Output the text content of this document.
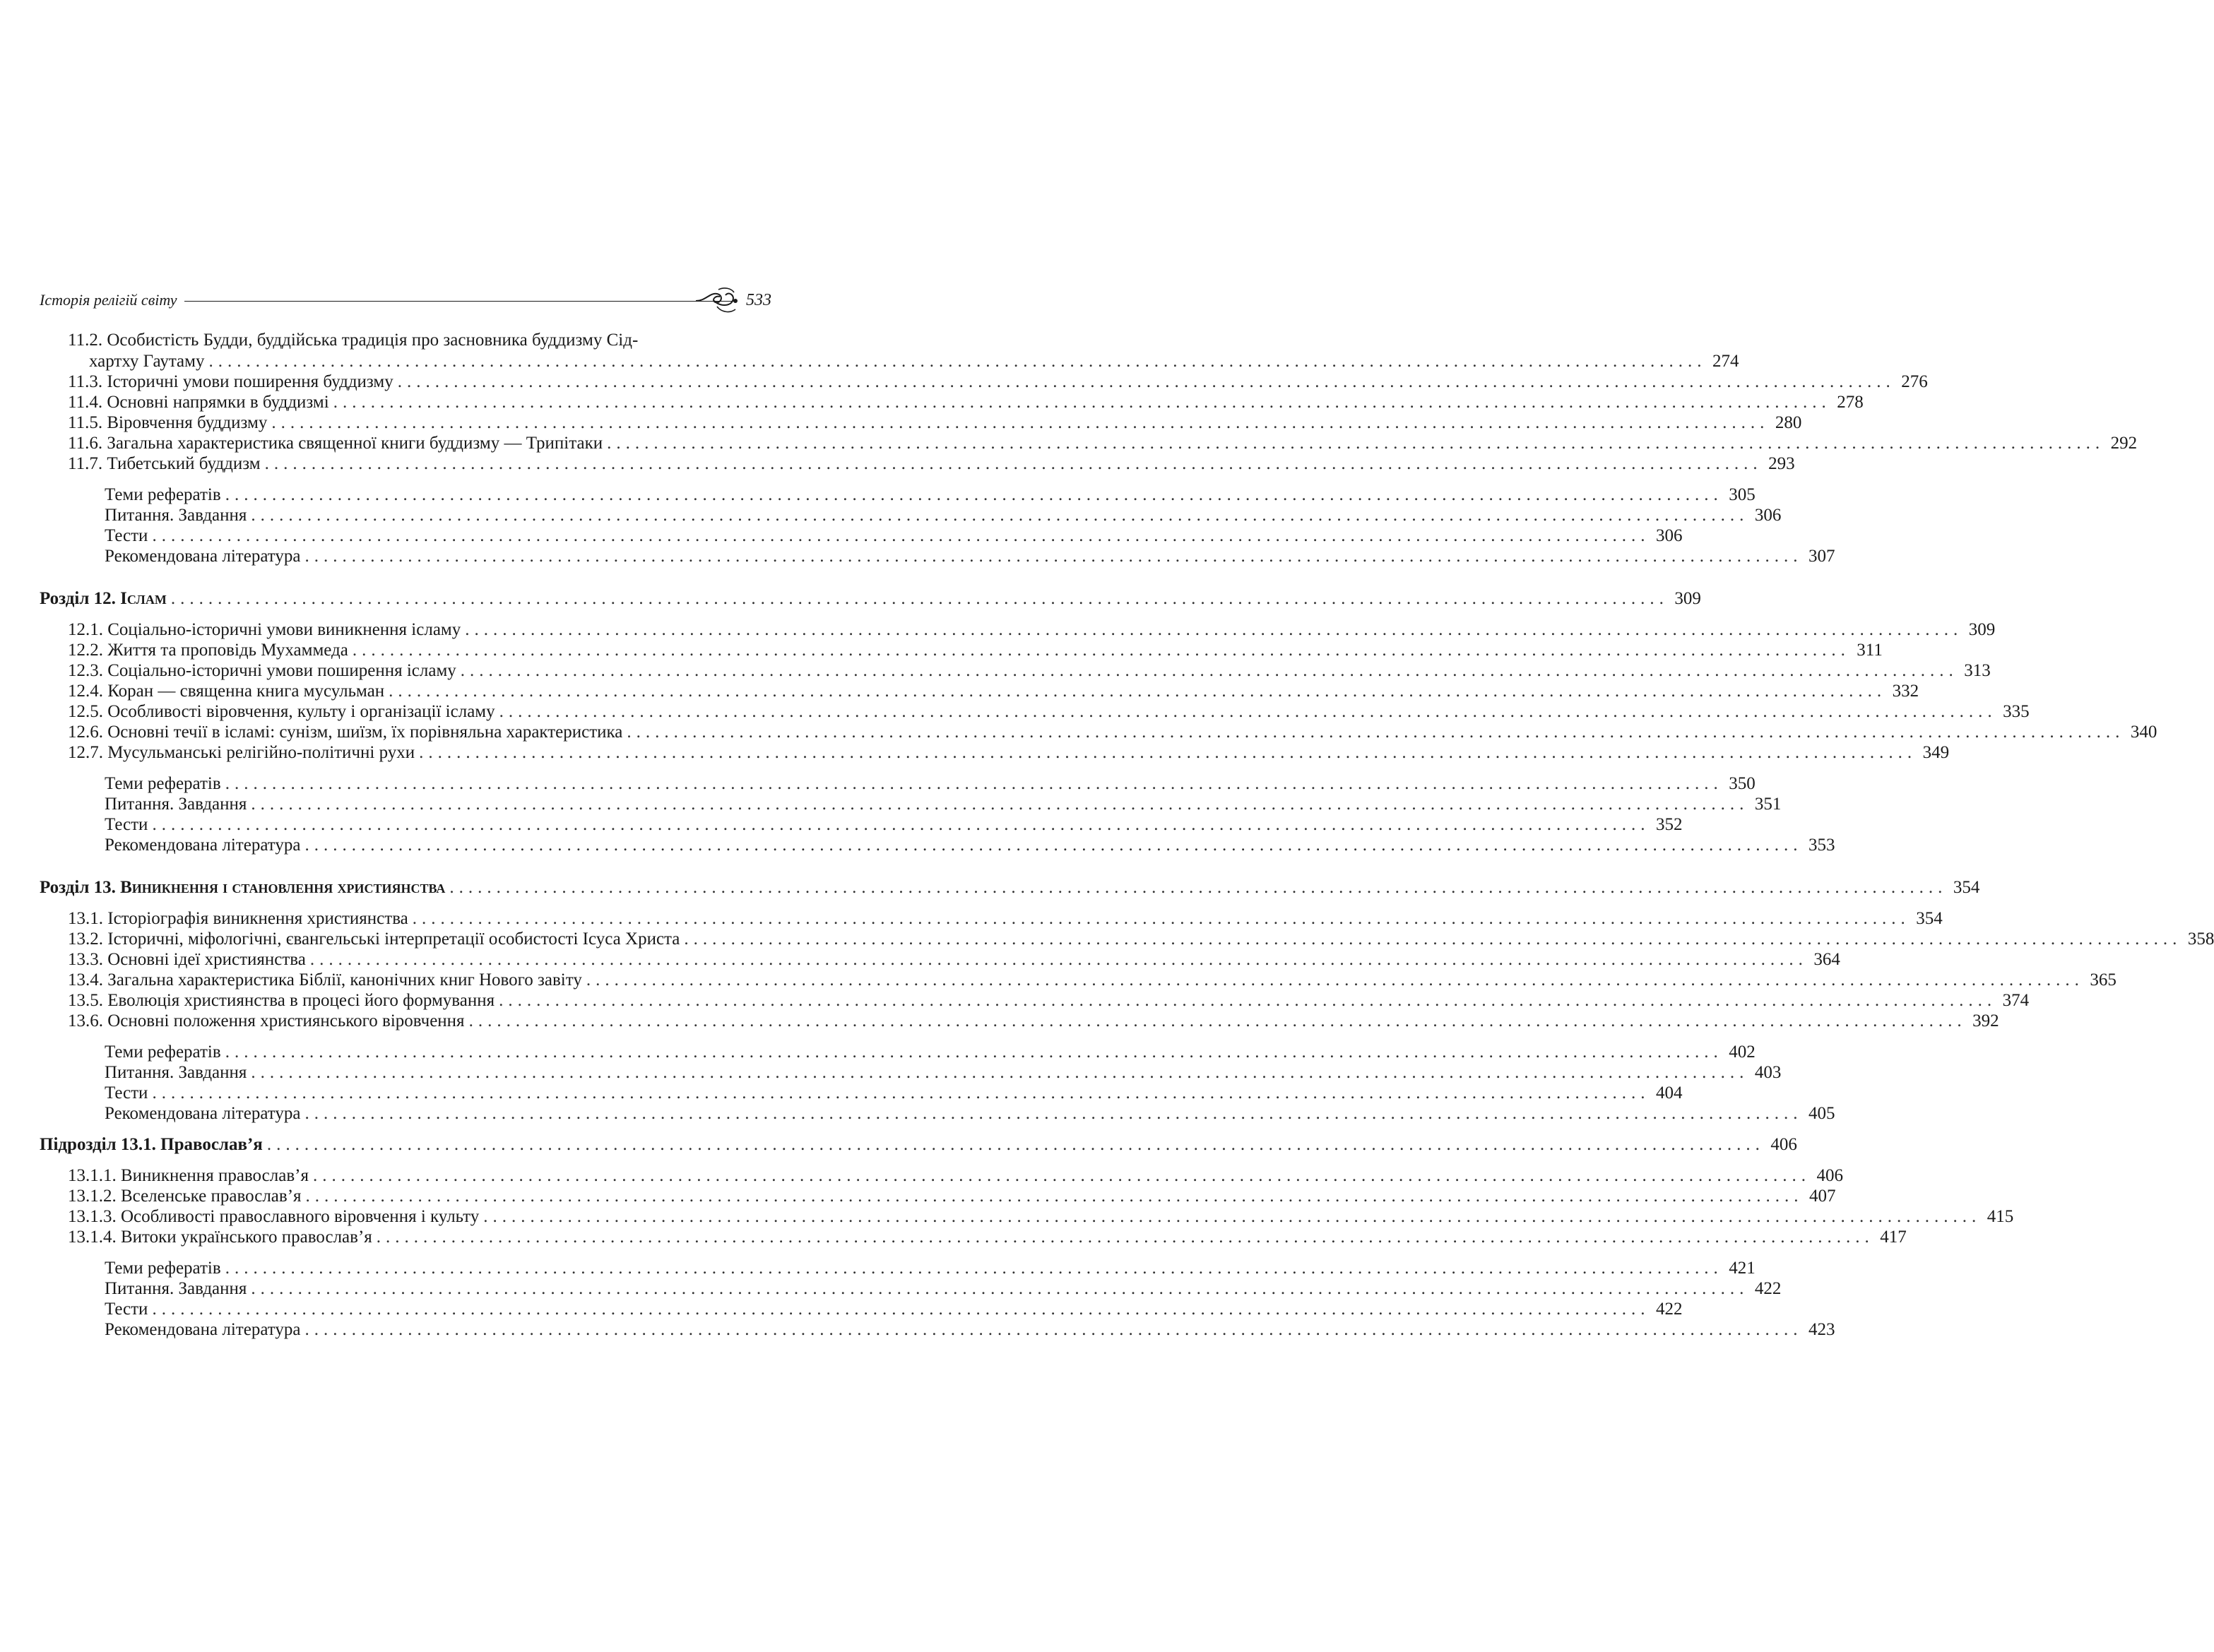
Історія релігій світу	533
11.2. Особистість Будди, буддійська традиція про засновника буддизму Сід-
хартху Гаутаму ................................................................................................................................................................ 274
11.3. Історичні умови поширення буддизму ................................................................................................................................................................ 276
11.4. Основні напрямки в буддизмі ................................................................................................................................................................ 278
11.5. Віровчення буддизму ................................................................................................................................................................ 280
11.6. Загальна характеристика священної книги буддизму — Трипітаки ................................................................................................................................................................ 292
11.7. Тибетський буддизм ................................................................................................................................................................ 293
Теми рефератів ................................................................................................................................................................ 305
Питання. Завдання ................................................................................................................................................................ 306
Тести ................................................................................................................................................................ 306
Рекомендована література ................................................................................................................................................................ 307
Розділ 12. Іслам ................................................................................................................................................................ 309
12.1. Соціально-історичні умови виникнення ісламу ................................................................................................................................................................ 309
12.2. Життя та проповідь Мухаммеда ................................................................................................................................................................ 311
12.3. Соціально-історичні умови поширення ісламу ................................................................................................................................................................ 313
12.4. Коран — священна книга мусульман ................................................................................................................................................................ 332
12.5. Особливості віровчення, культу і організації ісламу ................................................................................................................................................................ 335
12.6. Основні течії в ісламі: сунізм, шиїзм, їх порівняльна характеристика ................................................................................................................................................................ 340
12.7. Мусульманські релігійно-політичні рухи ................................................................................................................................................................ 349
Теми рефератів ................................................................................................................................................................ 350
Питання. Завдання ................................................................................................................................................................ 351
Тести ................................................................................................................................................................ 352
Рекомендована література ................................................................................................................................................................ 353
Розділ 13. Виникнення і становлення християнства ................................................................................................................................................................ 354
13.1. Історіографія виникнення християнства ................................................................................................................................................................ 354
13.2. Історичні, міфологічні, євангельські інтерпретації особистості Ісуса Христа ................................................................................................................................................................ 358
13.3. Основні ідеї християнства ................................................................................................................................................................ 364
13.4. Загальна характеристика Біблії, канонічних книг Нового завіту ................................................................................................................................................................ 365
13.5. Еволюція християнства в процесі його формування ................................................................................................................................................................ 374
13.6. Основні положення християнського віровчення ................................................................................................................................................................ 392
Теми рефератів ................................................................................................................................................................ 402
Питання. Завдання ................................................................................................................................................................ 403
Тести ................................................................................................................................................................ 404
Рекомендована література ................................................................................................................................................................ 405
Підрозділ 13.1. Православ’я ................................................................................................................................................................ 406
13.1.1. Виникнення православ’я ................................................................................................................................................................ 406
13.1.2. Вселенське православ’я ................................................................................................................................................................ 407
13.1.3. Особливості православного віровчення і культу ................................................................................................................................................................ 415
13.1.4. Витоки українського православ’я ................................................................................................................................................................ 417
Теми рефератів ................................................................................................................................................................ 421
Питання. Завдання ................................................................................................................................................................ 422
Тести ................................................................................................................................................................ 422
Рекомендована література ................................................................................................................................................................ 423
